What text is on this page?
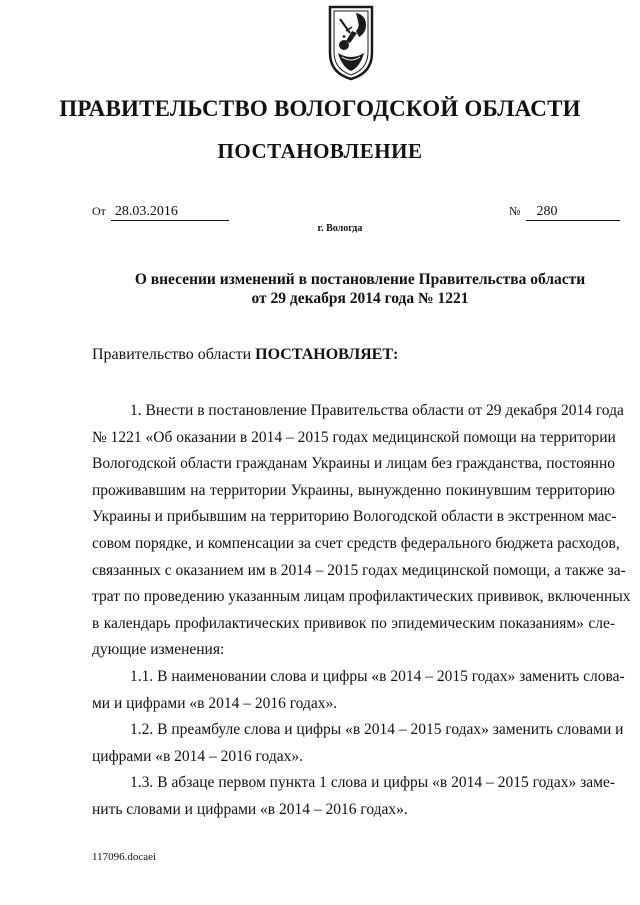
ПРАВИТЕЛЬСТВО ВОЛОГОДСКОЙ ОБЛАСТИ
ПОСТАНОВЛЕНИЕ
От 28.03.2016	№ 280
г. Вологда
О внесении изменений в постановление Правительства области
от 29 декабря 2014 года № 1221
Правительство области ПОСТАНОВЛЯЕТ:
1. Внести в постановление Правительства области от 29 декабря 2014 года
№ 1221 «Об оказании в 2014 – 2015 годах медицинской помощи на территории
Вологодской области гражданам Украины и лицам без гражданства, постоянно
проживавшим на территории Украины, вынужденно покинувшим территорию
Украины и прибывшим на территорию Вологодской области в экстренном мас-
совом порядке, и компенсации за счет средств федерального бюджета расходов,
связанных с оказанием им в 2014 – 2015 годах медицинской помощи, а также за-
трат по проведению указанным лицам профилактических прививок, включенных
в календарь профилактических прививок по эпидемическим показаниям» сле-
дующие изменения:
1.1. В наименовании слова и цифры «в 2014 – 2015 годах» заменить слова-
ми и цифрами «в 2014 – 2016 годах».
1.2. В преамбуле слова и цифры «в 2014 – 2015 годах» заменить словами и
цифрами «в 2014 – 2016 годах».
1.3. В абзаце первом пункта 1 слова и цифры «в 2014 – 2015 годах» заме-
нить словами и цифрами «в 2014 – 2016 годах».
117096.docaei
